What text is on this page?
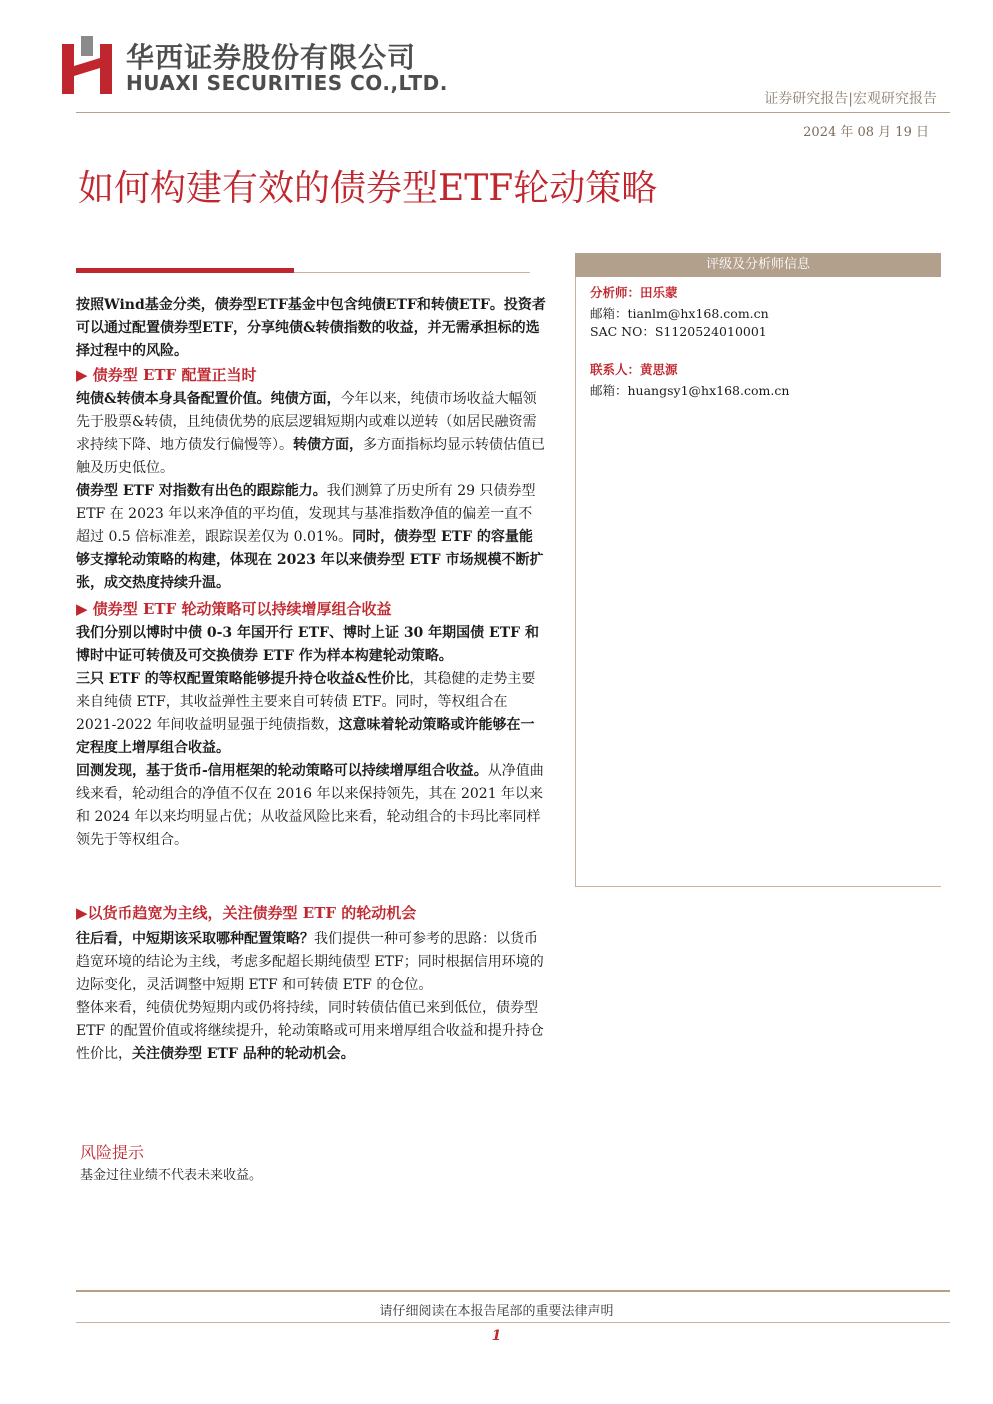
华西证券股份有限公司
HUAXI SECURITIES CO.,LTD.
证券研究报告|宏观研究报告
2024 年 08 月 19 日
如何构建有效的债券型ETF轮动策略

按照Wind基金分类，债券型ETF基金中包含纯债ETF和转债ETF。投资者可以通过配置债券型ETF，分享纯债&转债指数的收益，并无需承担标的选择过程中的风险。

▶ 债券型 ETF 配置正当时

纯债&转债本身具备配置价值。纯债方面，今年以来，纯债市场收益大幅领先于股票&转债，且纯债优势的底层逻辑短期内或难以逆转（如居民融资需求持续下降、地方债发行偏慢等）。转债方面，多方面指标均显示转债估值已触及历史低位。

债券型 ETF 对指数有出色的跟踪能力。我们测算了历史所有 29 只债券型 ETF 在 2023 年以来净值的平均值，发现其与基准指数净值的偏差一直不超过 0.5 倍标准差，跟踪误差仅为 0.01%。同时，债券型 ETF 的容量能够支撑轮动策略的构建，体现在 2023 年以来债券型 ETF 市场规模不断扩张，成交热度持续升温。

▶ 债券型 ETF 轮动策略可以持续增厚组合收益

我们分别以博时中债 0-3 年国开行 ETF、博时上证 30 年期国债 ETF 和博时中证可转债及可交换债券 ETF 作为样本构建轮动策略。

三只 ETF 的等权配置策略能够提升持仓收益&性价比，其稳健的走势主要来自纯债 ETF，其收益弹性主要来自可转债 ETF。同时，等权组合在 2021-2022 年间收益明显强于纯债指数，这意味着轮动策略或许能够在一定程度上增厚组合收益。

回测发现，基于货币-信用框架的轮动策略可以持续增厚组合收益。从净值曲线来看，轮动组合的净值不仅在 2016 年以来保持领先，其在 2021 年以来和 2024 年以来均明显占优；从收益风险比来看，轮动组合的卡玛比率同样领先于等权组合。

▶以货币趋宽为主线，关注债券型 ETF 的轮动机会

往后看，中短期该采取哪种配置策略？我们提供一种可参考的思路：以货币趋宽环境的结论为主线，考虑多配超长期纯债型 ETF；同时根据信用环境的边际变化，灵活调整中短期 ETF 和可转债 ETF 的仓位。

整体来看，纯债优势短期内或仍将持续，同时转债估值已来到低位，债券型 ETF 的配置价值或将继续提升，轮动策略或可用来增厚组合收益和提升持仓性价比，关注债券型 ETF 品种的轮动机会。

风险提示
基金过往业绩不代表未来收益。
评级及分析师信息
分析师：田乐蒙
邮箱：tianlm@hx168.com.cn
SAC NO：S1120524010001
联系人：黄思源
邮箱：huangsy1@hx168.com.cn
请仔细阅读在本报告尾部的重要法律声明
1
